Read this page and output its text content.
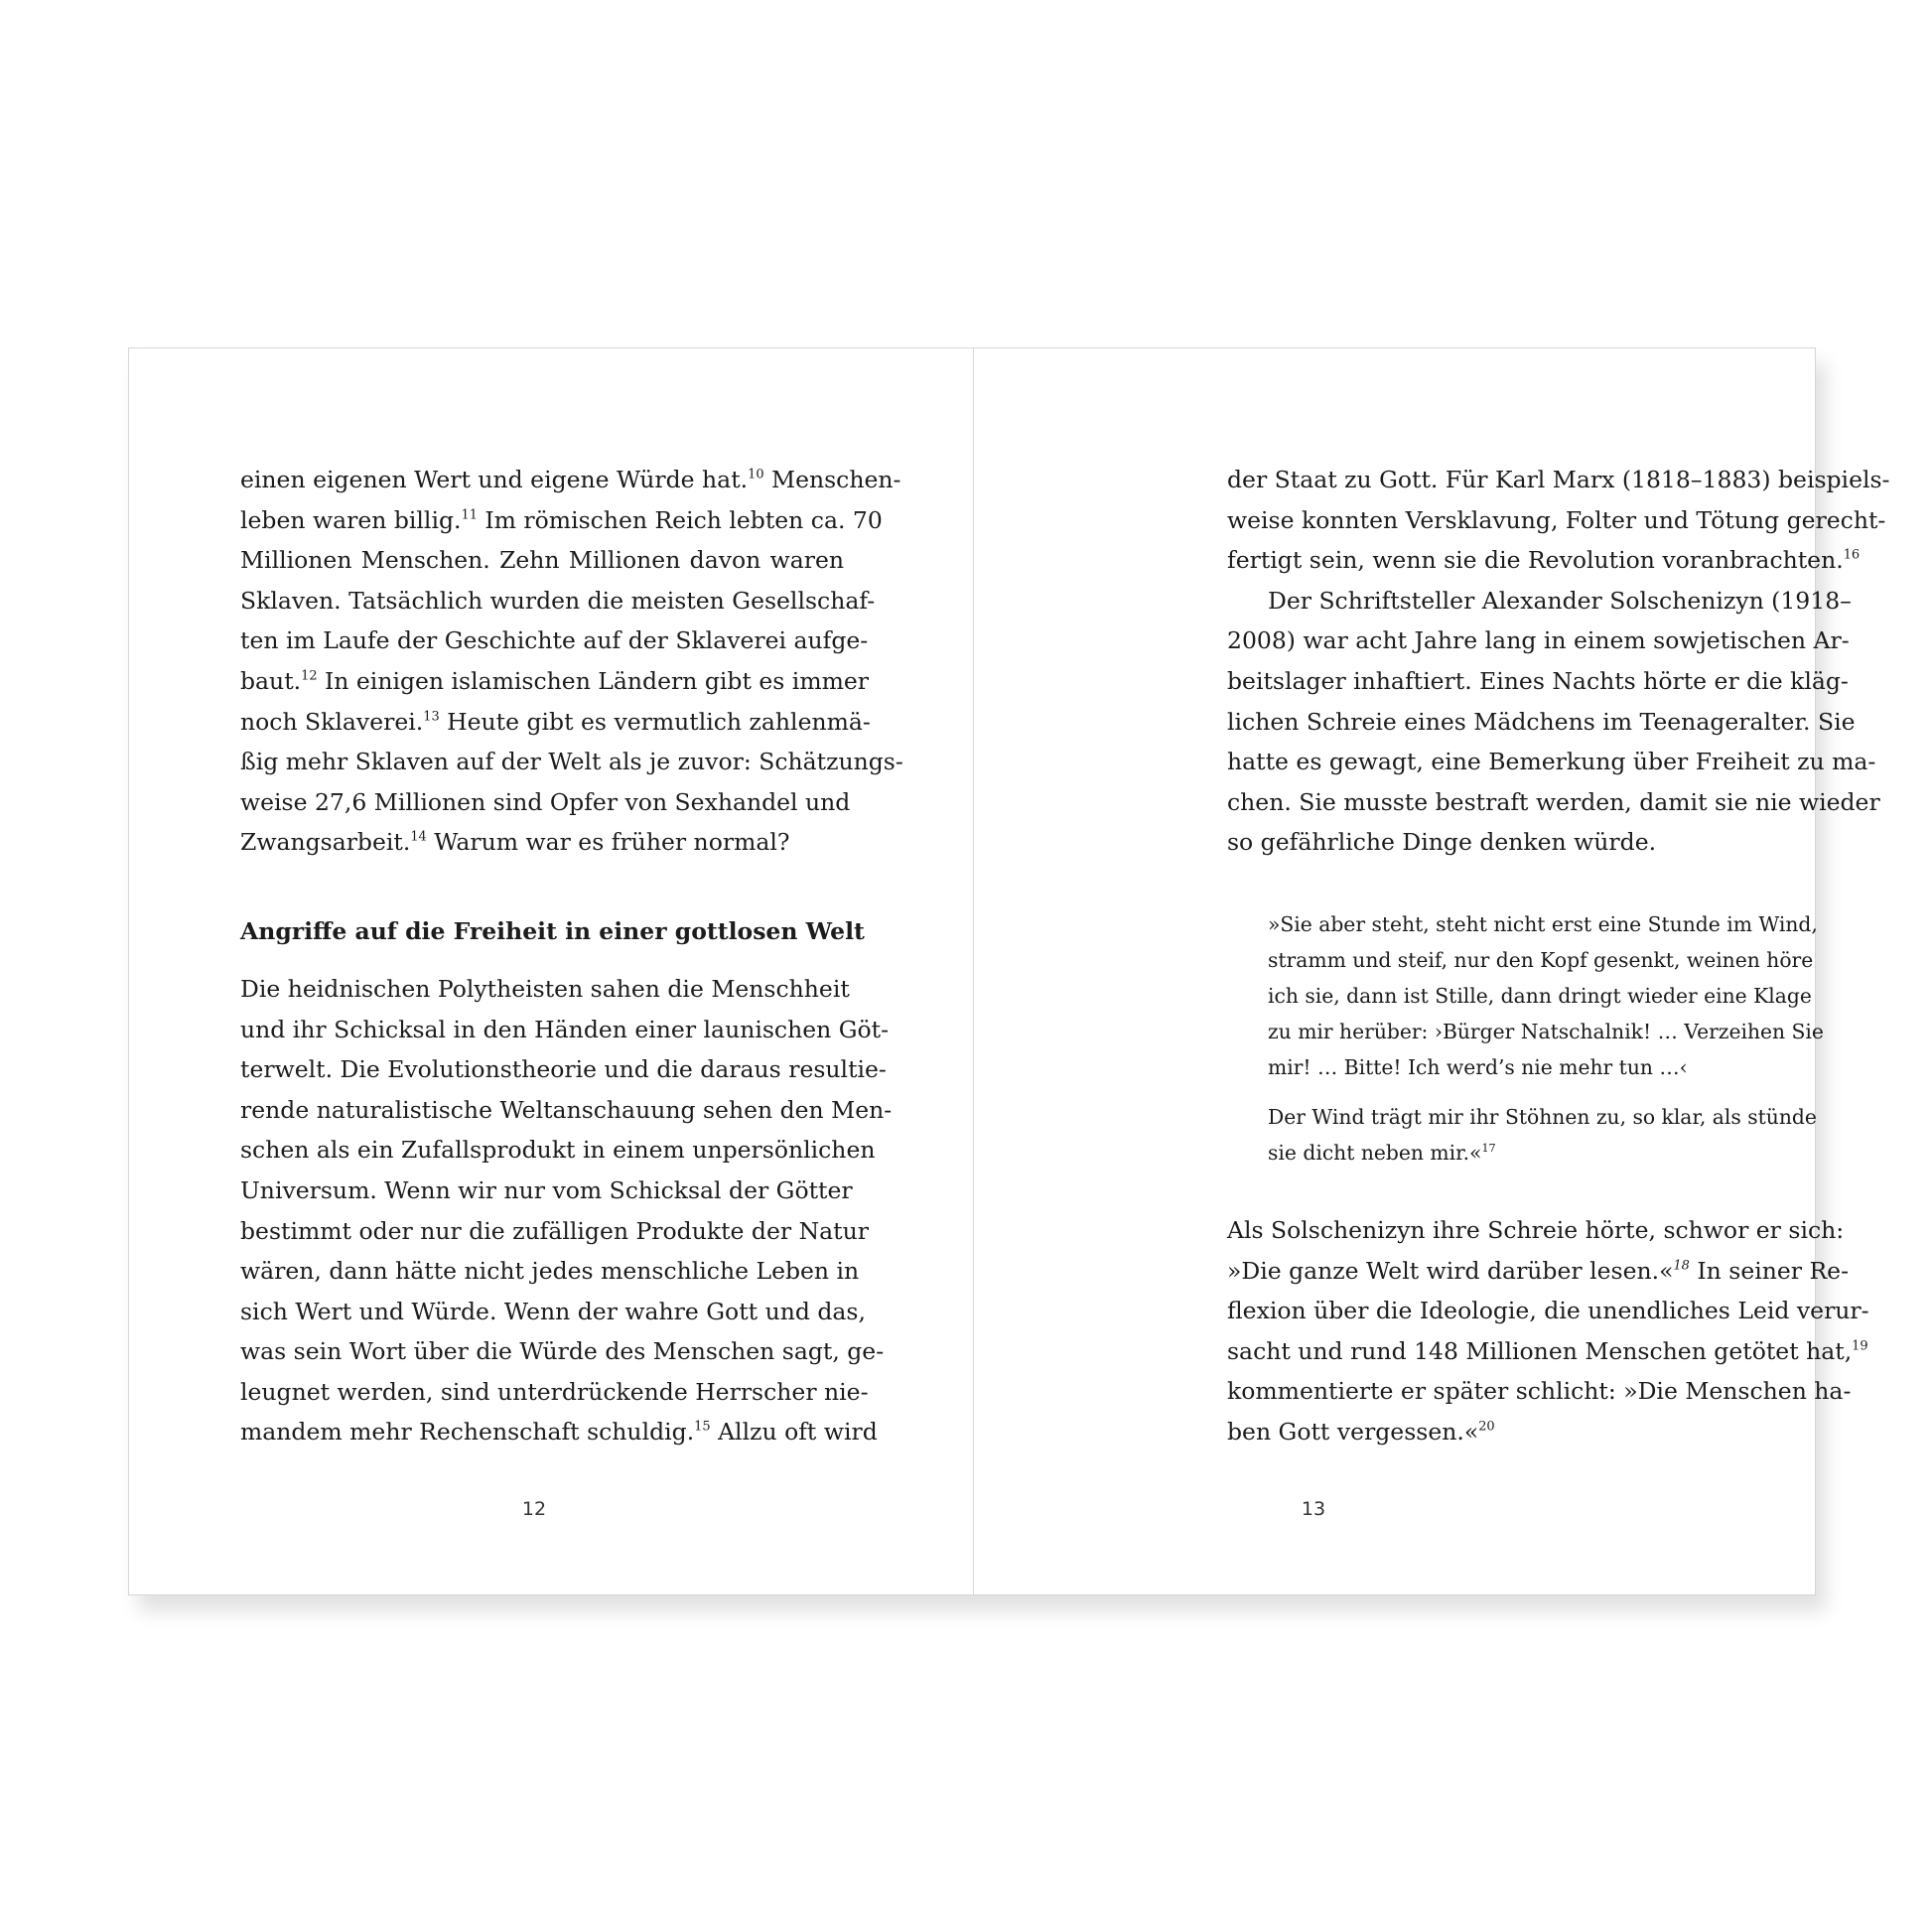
einen eigenen Wert und eigene Würde hat.$^{10}$ Menschen-
leben waren billig.$^{11}$ Im römischen Reich lebten ca. 70
Millionen Menschen. Zehn Millionen davon waren
Sklaven. Tatsächlich wurden die meisten Gesellschaf-
ten im Laufe der Geschichte auf der Sklaverei aufge-
baut.$^{12}$ In einigen islamischen Ländern gibt es immer
noch Sklaverei.$^{13}$ Heute gibt es vermutlich zahlenmä-
ßig mehr Sklaven auf der Welt als je zuvor: Schätzungs-
weise 27,6 Millionen sind Opfer von Sexhandel und
Zwangsarbeit.$^{14}$ Warum war es früher normal?

Angriffe auf die Freiheit in einer gottlosen Welt

Die heidnischen Polytheisten sahen die Menschheit
und ihr Schicksal in den Händen einer launischen Göt-
terwelt. Die Evolutionstheorie und die daraus resultie-
rende naturalistische Weltanschauung sehen den Men-
schen als ein Zufallsprodukt in einem unpersönlichen
Universum. Wenn wir nur vom Schicksal der Götter
bestimmt oder nur die zufälligen Produkte der Natur
wären, dann hätte nicht jedes menschliche Leben in
sich Wert und Würde. Wenn der wahre Gott und das,
was sein Wort über die Würde des Menschen sagt, ge-
leugnet werden, sind unterdrückende Herrscher nie-
mandem mehr Rechenschaft schuldig.$^{15}$ Allzu oft wird

12

der Staat zu Gott. Für Karl Marx (1818–1883) beispiels-
weise konnten Versklavung, Folter und Tötung gerecht-
fertigt sein, wenn sie die Revolution voranbrachten.$^{16}$

Der Schriftsteller Alexander Solschenizyn (1918–
2008) war acht Jahre lang in einem sowjetischen Ar-
beitslager inhaftiert. Eines Nachts hörte er die kläg-
lichen Schreie eines Mädchens im Teenageralter. Sie
hatte es gewagt, eine Bemerkung über Freiheit zu ma-
chen. Sie musste bestraft werden, damit sie nie wieder
so gefährliche Dinge denken würde.

»Sie aber steht, steht nicht erst eine Stunde im Wind,
stramm und steif, nur den Kopf gesenkt, weinen höre
ich sie, dann ist Stille, dann dringt wieder eine Klage
zu mir herüber: ›Bürger Natschalnik! … Verzeihen Sie
mir! … Bitte! Ich werd’s nie mehr tun …‹

Der Wind trägt mir ihr Stöhnen zu, so klar, als stünde
sie dicht neben mir.«$^{17}$

Als Solschenizyn ihre Schreie hörte, schwor er sich:
»Die ganze Welt wird darüber lesen.«$^{18}$ In seiner Re-
flexion über die Ideologie, die unendliches Leid verur-
sacht und rund 148 Millionen Menschen getötet hat,$^{19}$
kommentierte er später schlicht: »Die Menschen ha-
ben Gott vergessen.«$^{20}$

13
